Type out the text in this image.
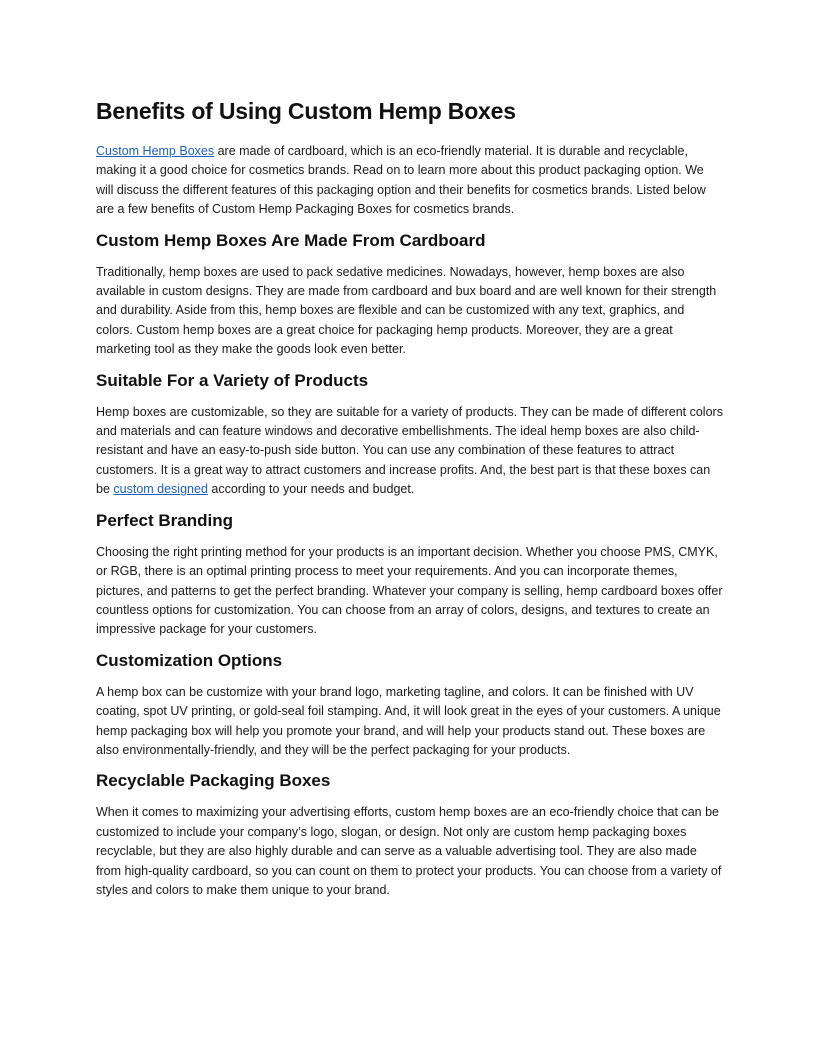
Benefits of Using Custom Hemp Boxes

Custom Hemp Boxes are made of cardboard, which is an eco-friendly material. It is durable and recyclable, making it a good choice for cosmetics brands. Read on to learn more about this product packaging option. We will discuss the different features of this packaging option and their benefits for cosmetics brands. Listed below are a few benefits of Custom Hemp Packaging Boxes for cosmetics brands.

Custom Hemp Boxes Are Made From Cardboard

Traditionally, hemp boxes are used to pack sedative medicines. Nowadays, however, hemp boxes are also available in custom designs. They are made from cardboard and bux board and are well known for their strength and durability. Aside from this, hemp boxes are flexible and can be customized with any text, graphics, and colors. Custom hemp boxes are a great choice for packaging hemp products. Moreover, they are a great marketing tool as they make the goods look even better.

Suitable For a Variety of Products

Hemp boxes are customizable, so they are suitable for a variety of products. They can be made of different colors and materials and can feature windows and decorative embellishments. The ideal hemp boxes are also child-resistant and have an easy-to-push side button. You can use any combination of these features to attract customers. It is a great way to attract customers and increase profits. And, the best part is that these boxes can be custom designed according to your needs and budget.

Perfect Branding

Choosing the right printing method for your products is an important decision. Whether you choose PMS, CMYK, or RGB, there is an optimal printing process to meet your requirements. And you can incorporate themes, pictures, and patterns to get the perfect branding. Whatever your company is selling, hemp cardboard boxes offer countless options for customization. You can choose from an array of colors, designs, and textures to create an impressive package for your customers.

Customization Options

A hemp box can be customize with your brand logo, marketing tagline, and colors. It can be finished with UV coating, spot UV printing, or gold-seal foil stamping. And, it will look great in the eyes of your customers. A unique hemp packaging box will help you promote your brand, and will help your products stand out. These boxes are also environmentally-friendly, and they will be the perfect packaging for your products.

Recyclable Packaging Boxes

When it comes to maximizing your advertising efforts, custom hemp boxes are an eco-friendly choice that can be customized to include your company’s logo, slogan, or design. Not only are custom hemp packaging boxes recyclable, but they are also highly durable and can serve as a valuable advertising tool. They are also made from high-quality cardboard, so you can count on them to protect your products. You can choose from a variety of styles and colors to make them unique to your brand.
